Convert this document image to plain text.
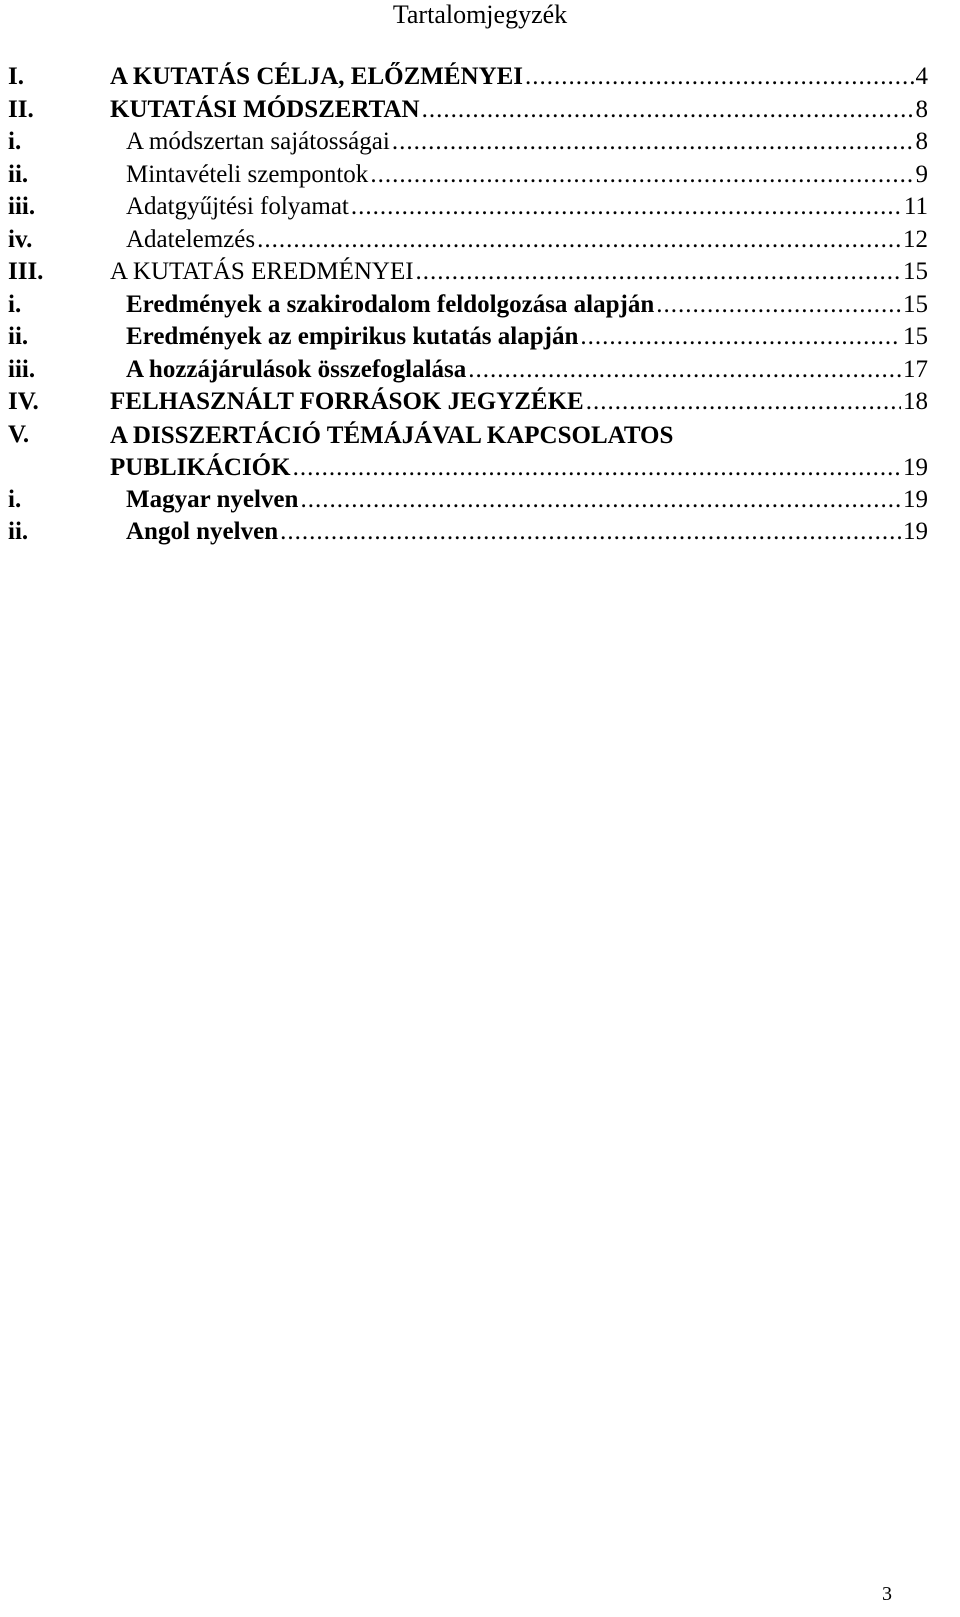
Tartalomjegyzék
I.	A KUTATÁS CÉLJA, ELŐZMÉNYEI .....	4
II.	KUTATÁSI MÓDSZERTAN .....	8
i.	A módszertan sajátosságai .....	8
ii.	Mintavételi szempontok .....	9
iii.	Adatgyűjtési folyamat .....	11
iv.	Adatelemzés .....	12
III.	A KUTATÁS EREDMÉNYEI .....	15
i.	Eredmények a szakirodalom feldolgozása alapján .....	15
ii.	Eredmények az empirikus kutatás alapján .....	15
iii.	A hozzájárulások összefoglalása .....	17
IV.	FELHASZNÁLT FORRÁSOK JEGYZÉKE .....	18
V.	A DISSZERTÁCIÓ TÉMÁJÁVAL KAPCSOLATOS
PUBLIKÁCIÓK .....	19
i.	Magyar nyelven .....	19
ii.	Angol nyelven .....	19
3
